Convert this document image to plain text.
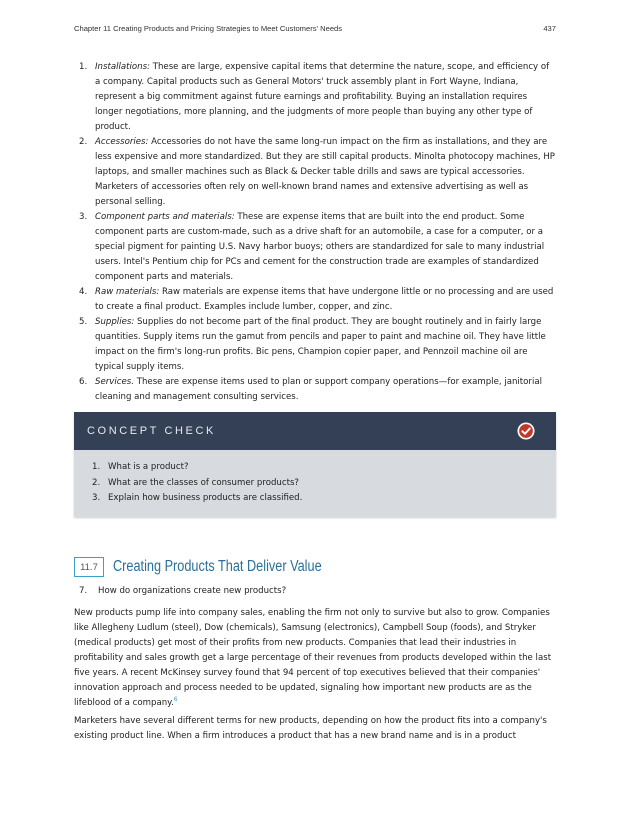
Chapter 11 Creating Products and Pricing Strategies to Meet Customers' Needs	437
1. Installations: These are large, expensive capital items that determine the nature, scope, and efficiency of a company. Capital products such as General Motors' truck assembly plant in Fort Wayne, Indiana, represent a big commitment against future earnings and profitability. Buying an installation requires longer negotiations, more planning, and the judgments of more people than buying any other type of product.
2. Accessories: Accessories do not have the same long-run impact on the firm as installations, and they are less expensive and more standardized. But they are still capital products. Minolta photocopy machines, HP laptops, and smaller machines such as Black & Decker table drills and saws are typical accessories. Marketers of accessories often rely on well-known brand names and extensive advertising as well as personal selling.
3. Component parts and materials: These are expense items that are built into the end product. Some component parts are custom-made, such as a drive shaft for an automobile, a case for a computer, or a special pigment for painting U.S. Navy harbor buoys; others are standardized for sale to many industrial users. Intel's Pentium chip for PCs and cement for the construction trade are examples of standardized component parts and materials.
4. Raw materials: Raw materials are expense items that have undergone little or no processing and are used to create a final product. Examples include lumber, copper, and zinc.
5. Supplies: Supplies do not become part of the final product. They are bought routinely and in fairly large quantities. Supply items run the gamut from pencils and paper to paint and machine oil. They have little impact on the firm's long-run profits. Bic pens, Champion copier paper, and Pennzoil machine oil are typical supply items.
6. Services. These are expense items used to plan or support company operations—for example, janitorial cleaning and management consulting services.
CONCEPT CHECK
1. What is a product?
2. What are the classes of consumer products?
3. Explain how business products are classified.
11.7 Creating Products That Deliver Value
7. How do organizations create new products?

New products pump life into company sales, enabling the firm not only to survive but also to grow. Companies like Allegheny Ludlum (steel), Dow (chemicals), Samsung (electronics), Campbell Soup (foods), and Stryker (medical products) get most of their profits from new products. Companies that lead their industries in profitability and sales growth get a large percentage of their revenues from products developed within the last five years. A recent McKinsey survey found that 94 percent of top executives believed that their companies' innovation approach and process needed to be updated, signaling how important new products are as the lifeblood of a company.$^6$

Marketers have several different terms for new products, depending on how the product fits into a company's existing product line. When a firm introduces a product that has a new brand name and is in a product
